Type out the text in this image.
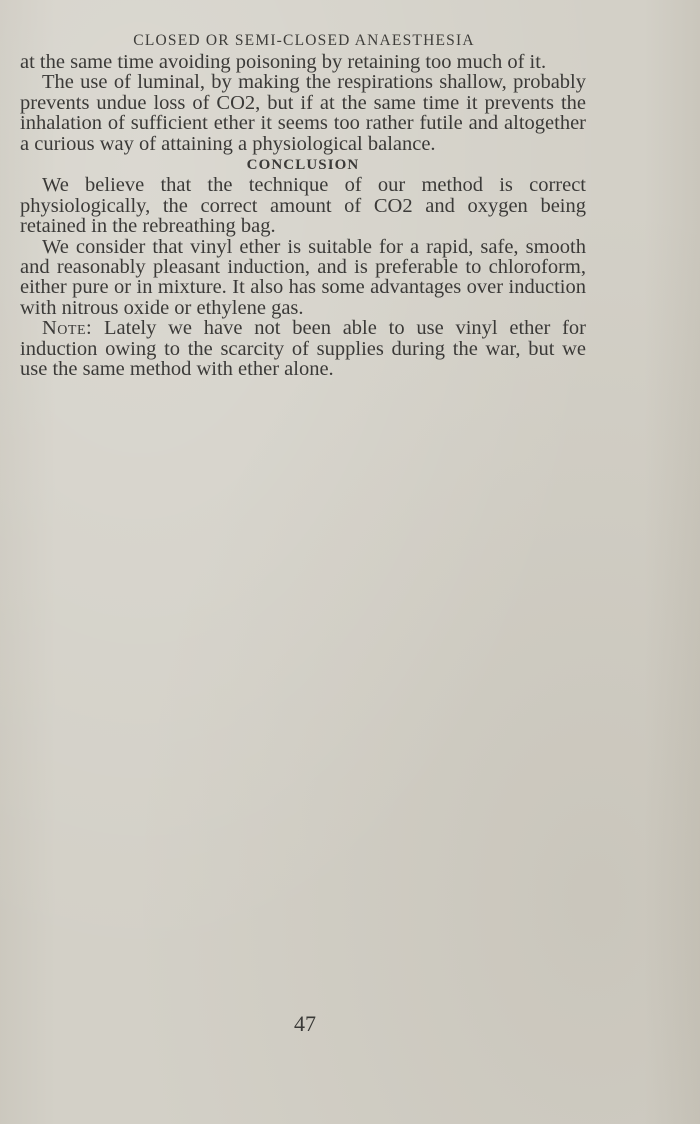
CLOSED OR SEMI-CLOSED ANAESTHESIA

at the same time avoiding poisoning by retaining too much of it.

The use of luminal, by making the respirations shallow, probably prevents undue loss of CO2, but if at the same time it prevents the inhalation of sufficient ether it seems too rather futile and altogether a curious way of attaining a physiological balance.

CONCLUSION

We believe that the technique of our method is correct physiologically, the correct amount of CO2 and oxygen being retained in the rebreathing bag.

We consider that vinyl ether is suitable for a rapid, safe, smooth and reasonably pleasant induction, and is preferable to chloroform, either pure or in mixture. It also has some advantages over induction with nitrous oxide or ethylene gas.

Note: Lately we have not been able to use vinyl ether for induction owing to the scarcity of supplies during the war, but we use the same method with ether alone.

47
